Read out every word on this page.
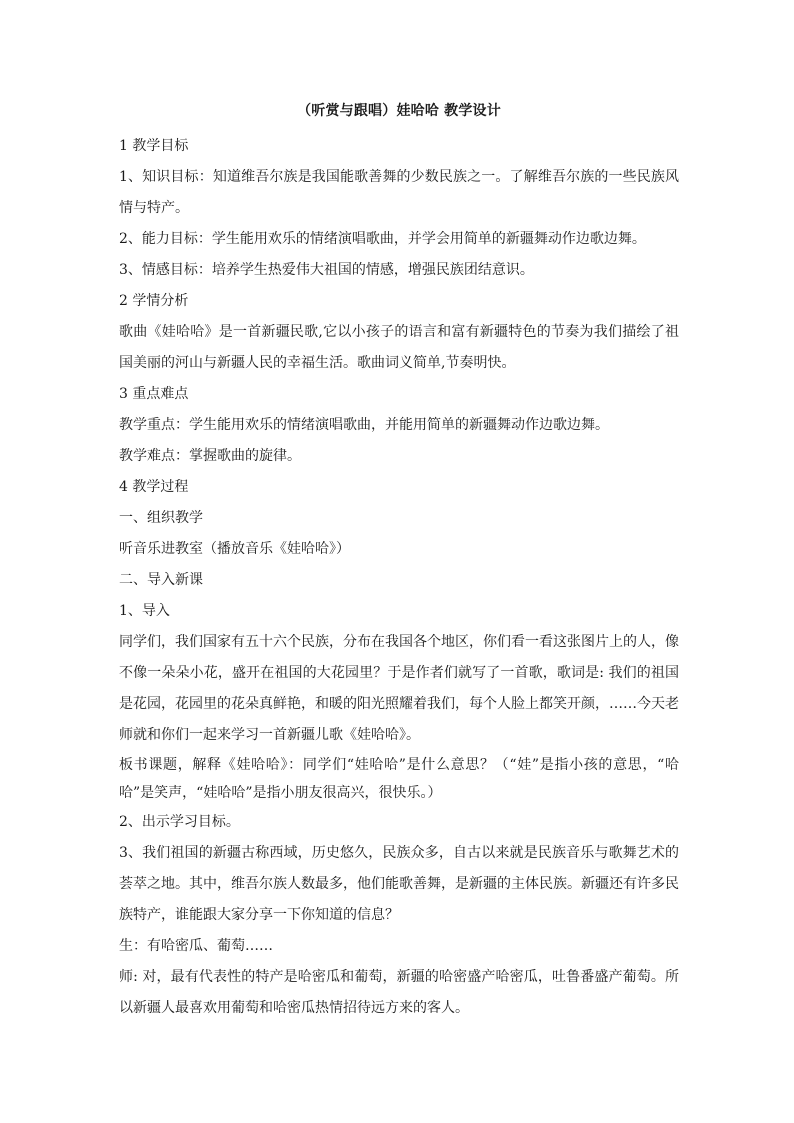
（听赏与跟唱）娃哈哈 教学设计

1 教学目标

1、知识目标：知道维吾尔族是我国能歌善舞的少数民族之一。了解维吾尔族的一些民族风情与特产。

2、能力目标：学生能用欢乐的情绪演唱歌曲，并学会用简单的新疆舞动作边歌边舞。

3、情感目标：培养学生热爱伟大祖国的情感，增强民族团结意识。

2 学情分析

歌曲《娃哈哈》是一首新疆民歌,它以小孩子的语言和富有新疆特色的节奏为我们描绘了祖国美丽的河山与新疆人民的幸福生活。歌曲词义简单,节奏明快。

3 重点难点

教学重点：学生能用欢乐的情绪演唱歌曲，并能用简单的新疆舞动作边歌边舞。

教学难点：掌握歌曲的旋律。

4 教学过程

一、组织教学

听音乐进教室（播放音乐《娃哈哈》）

二、导入新课

1、导入

同学们，我们国家有五十六个民族，分布在我国各个地区，你们看一看这张图片上的人，像不像一朵朵小花，盛开在祖国的大花园里？于是作者们就写了一首歌，歌词是: 我们的祖国是花园，花园里的花朵真鲜艳，和暖的阳光照耀着我们，每个人脸上都笑开颜，……今天老师就和你们一起来学习一首新疆儿歌《娃哈哈》。

板书课题，解释《娃哈哈》：同学们“娃哈哈”是什么意思？（“娃”是指小孩的意思，“哈哈”是笑声，“娃哈哈”是指小朋友很高兴，很快乐。）

2、出示学习目标。

3、我们祖国的新疆古称西域，历史悠久，民族众多，自古以来就是民族音乐与歌舞艺术的荟萃之地。其中，维吾尔族人数最多，他们能歌善舞，是新疆的主体民族。新疆还有许多民族特产，谁能跟大家分享一下你知道的信息？

生：有哈密瓜、葡萄……

师: 对，最有代表性的特产是哈密瓜和葡萄，新疆的哈密盛产哈密瓜，吐鲁番盛产葡萄。所以新疆人最喜欢用葡萄和哈密瓜热情招待远方来的客人。
